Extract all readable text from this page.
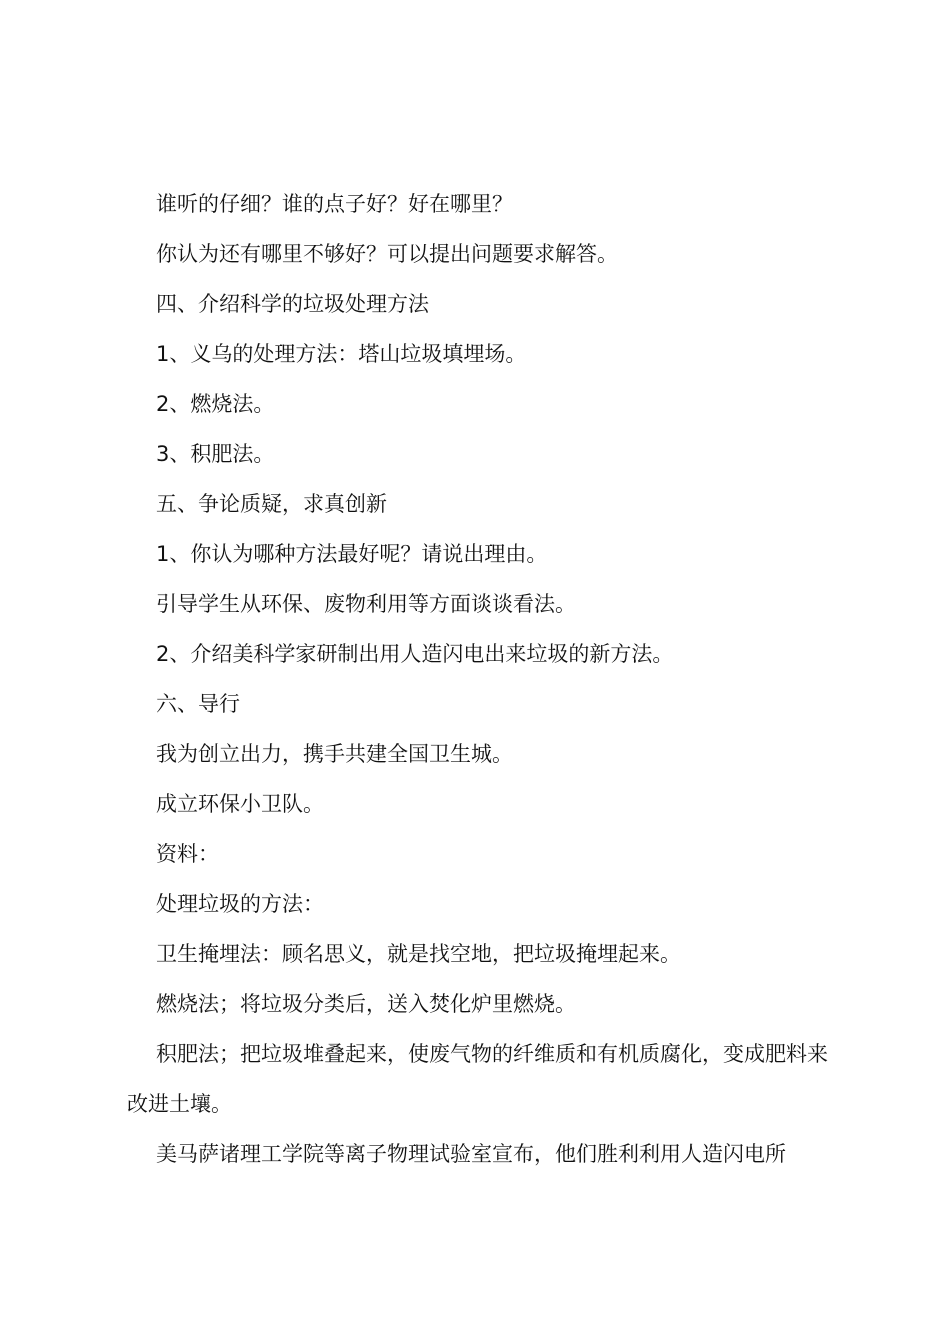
谁听的仔细？谁的点子好？好在哪里？

你认为还有哪里不够好？可以提出问题要求解答。

四、介绍科学的垃圾处理方法

1、义乌的处理方法：塔山垃圾填埋场。

2、燃烧法。

3、积肥法。

五、争论质疑，求真创新

1、你认为哪种方法最好呢？请说出理由。

引导学生从环保、废物利用等方面谈谈看法。

2、介绍美科学家研制出用人造闪电出来垃圾的新方法。

六、导行

我为创立出力，携手共建全国卫生城。

成立环保小卫队。

资料：

处理垃圾的方法：

卫生掩埋法：顾名思义，就是找空地，把垃圾掩埋起来。

燃烧法；将垃圾分类后，送入焚化炉里燃烧。

积肥法；把垃圾堆叠起来，使废气物的纤维质和有机质腐化，变成肥料来改进土壤。

美马萨诸理工学院等离子物理试验室宣布，他们胜利利用人造闪电所
